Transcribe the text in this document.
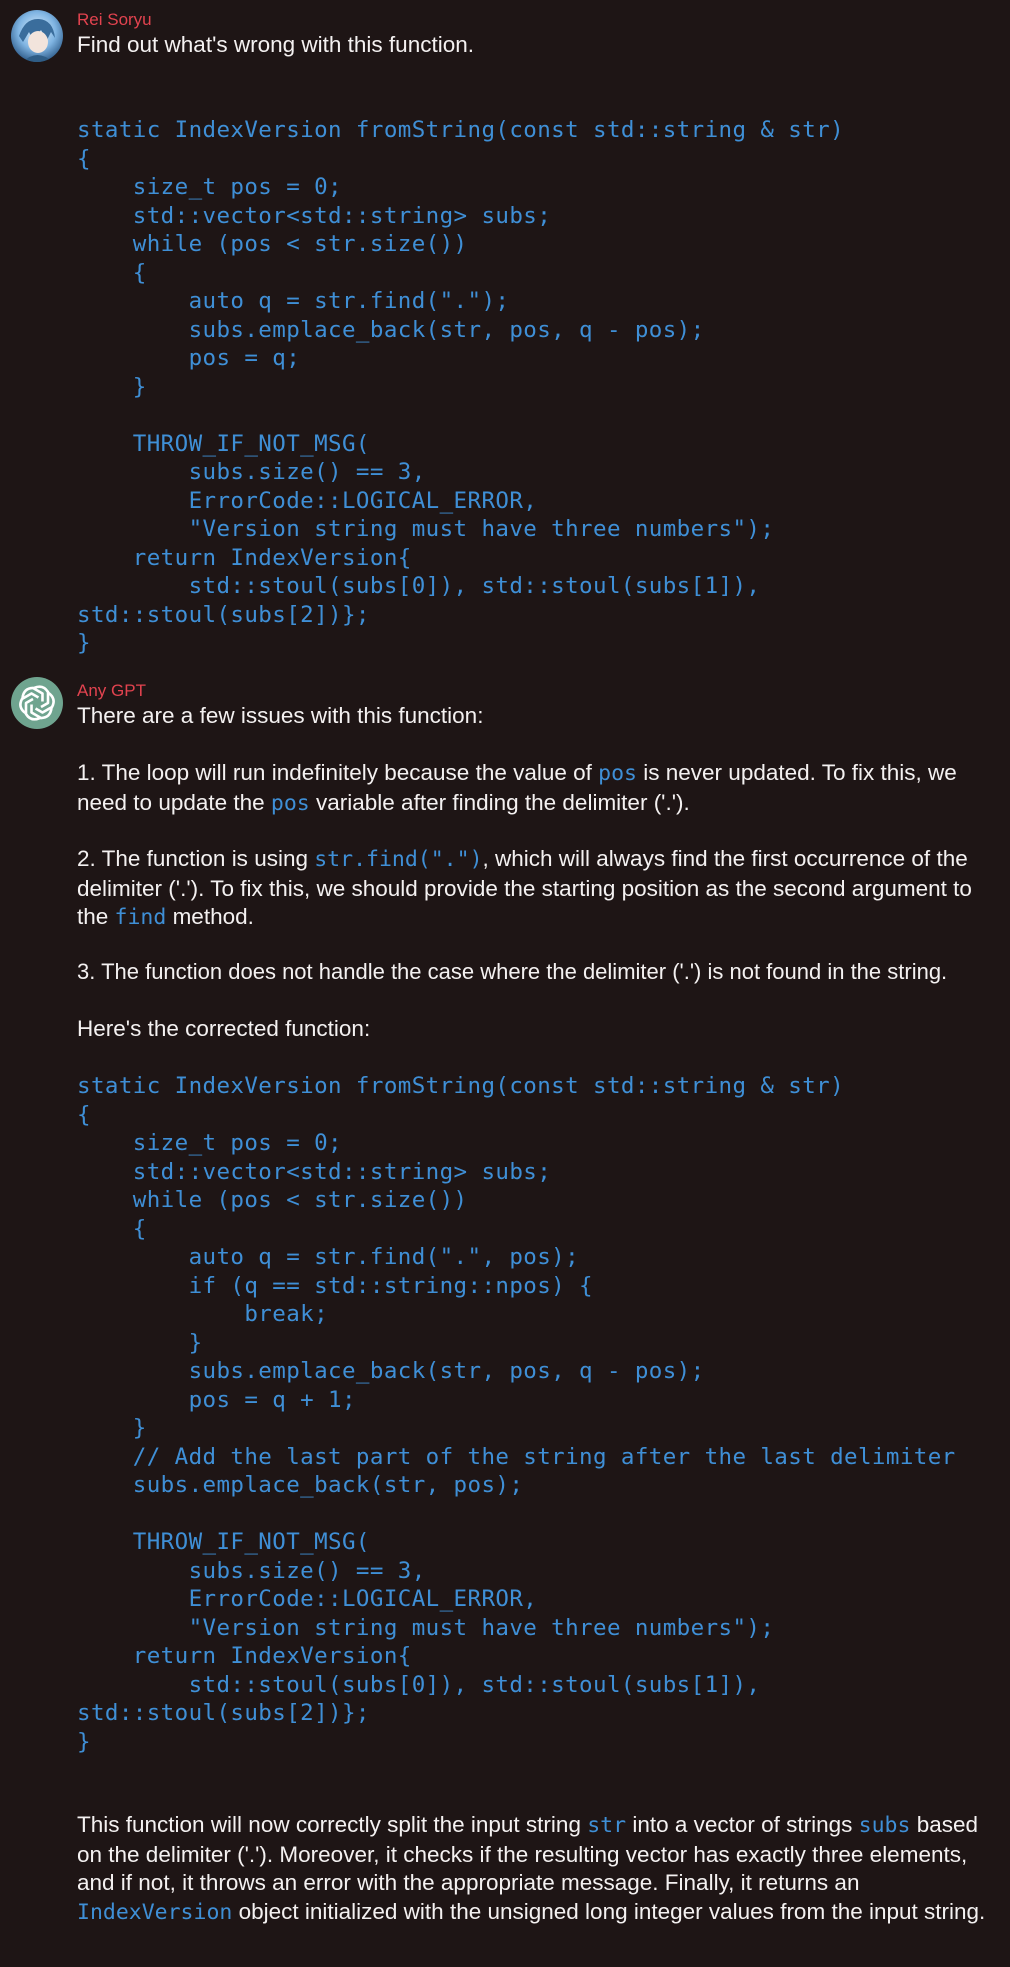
Rei Soryu
Find out what's wrong with this function.
static IndexVersion fromString(const std::string & str)
{
size_t pos = 0;
std::vector<std::string> subs;
while (pos < str.size())
{
auto q = str.find(".");
subs.emplace_back(str, pos, q - pos);
pos = q;
}

THROW_IF_NOT_MSG(
subs.size() == 3,
ErrorCode::LOGICAL_ERROR,
"Version string must have three numbers");
return IndexVersion{
std::stoul(subs[0]), std::stoul(subs[1]),
std::stoul(subs[2])};
}
Any GPT
There are a few issues with this function:
1. The loop will run indefinitely because the value of pos is never updated. To fix this, we need to update the pos variable after finding the delimiter ('.').
2. The function is using str.find("."), which will always find the first occurrence of the delimiter ('.'). To fix this, we should provide the starting position as the second argument to the find method.
3. The function does not handle the case where the delimiter ('.') is not found in the string.
Here's the corrected function:
static IndexVersion fromString(const std::string & str)
{
size_t pos = 0;
std::vector<std::string> subs;
while (pos < str.size())
{
auto q = str.find(".", pos);
if (q == std::string::npos) {
break;
}
subs.emplace_back(str, pos, q - pos);
pos = q + 1;
}
// Add the last part of the string after the last delimiter
subs.emplace_back(str, pos);

THROW_IF_NOT_MSG(
subs.size() == 3,
ErrorCode::LOGICAL_ERROR,
"Version string must have three numbers");
return IndexVersion{
std::stoul(subs[0]), std::stoul(subs[1]),
std::stoul(subs[2])};
}
This function will now correctly split the input string str into a vector of strings subs based on the delimiter ('.'). Moreover, it checks if the resulting vector has exactly three elements, and if not, it throws an error with the appropriate message. Finally, it returns an IndexVersion object initialized with the unsigned long integer values from the input string.
